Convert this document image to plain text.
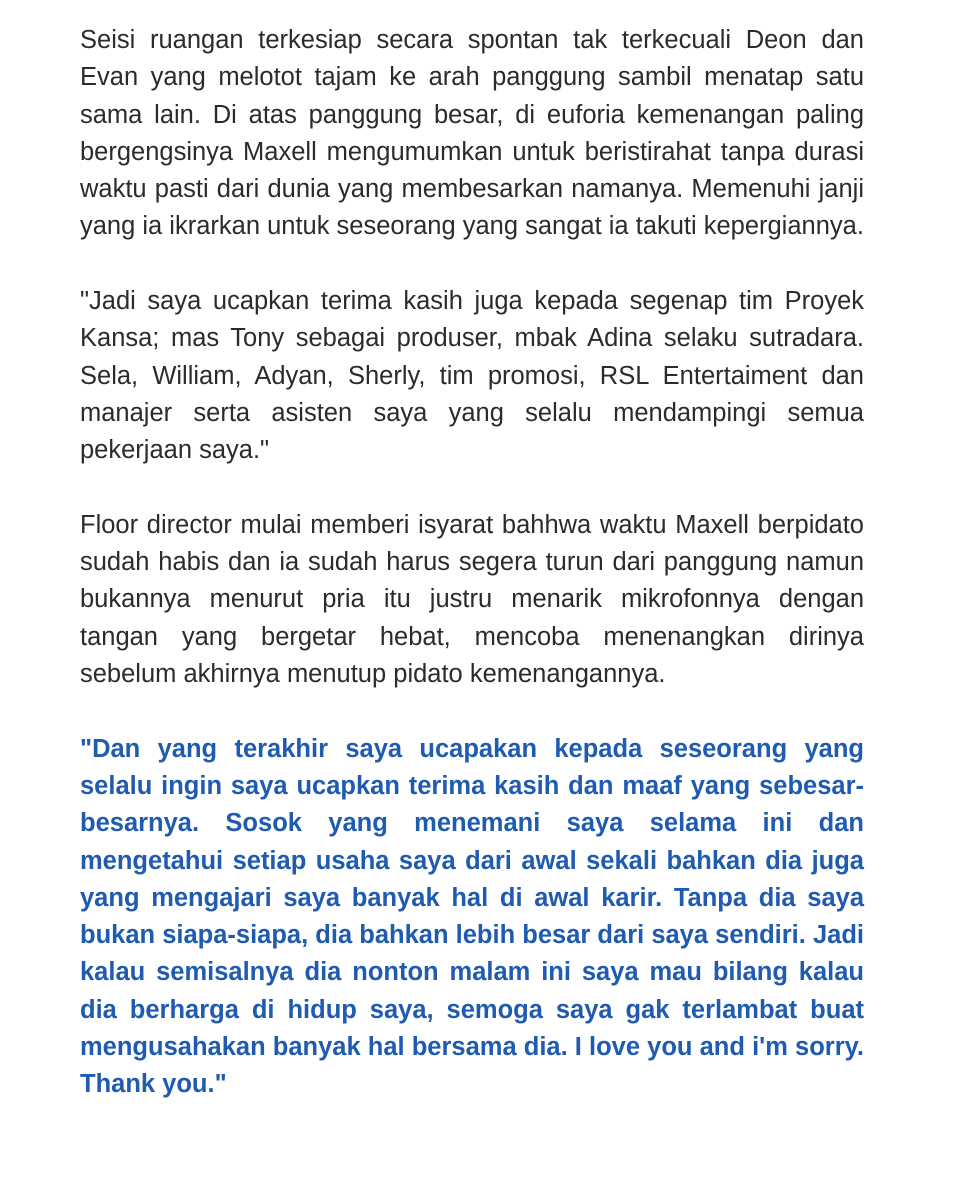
Seisi ruangan terkesiap secara spontan tak terkecuali Deon dan Evan yang melotot tajam ke arah panggung sambil menatap satu sama lain. Di atas panggung besar, di euforia kemenangan paling bergengsinya Maxell mengumumkan untuk beristirahat tanpa durasi waktu pasti dari dunia yang membesarkan namanya. Memenuhi janji yang ia ikrarkan untuk seseorang yang sangat ia takuti kepergiannya.

"Jadi saya ucapkan terima kasih juga kepada segenap tim Proyek Kansa; mas Tony sebagai produser, mbak Adina selaku sutradara. Sela, William, Adyan, Sherly, tim promosi, RSL Entertaiment dan manajer serta asisten saya yang selalu mendampingi semua pekerjaan saya."

Floor director mulai memberi isyarat bahhwa waktu Maxell berpidato sudah habis dan ia sudah harus segera turun dari panggung namun bukannya menurut pria itu justru menarik mikrofonnya dengan tangan yang bergetar hebat, mencoba menenangkan dirinya sebelum akhirnya menutup pidato kemenangannya.

"Dan yang terakhir saya ucapakan kepada seseorang yang selalu ingin saya ucapkan terima kasih dan maaf yang sebesar-besarnya. Sosok yang menemani saya selama ini dan mengetahui setiap usaha saya dari awal sekali bahkan dia juga yang mengajari saya banyak hal di awal karir. Tanpa dia saya bukan siapa-siapa, dia bahkan lebih besar dari saya sendiri. Jadi kalau semisalnya dia nonton malam ini saya mau bilang kalau dia berharga di hidup saya, semoga saya gak terlambat buat mengusahakan banyak hal bersama dia. I love you and i'm sorry. Thank you."
